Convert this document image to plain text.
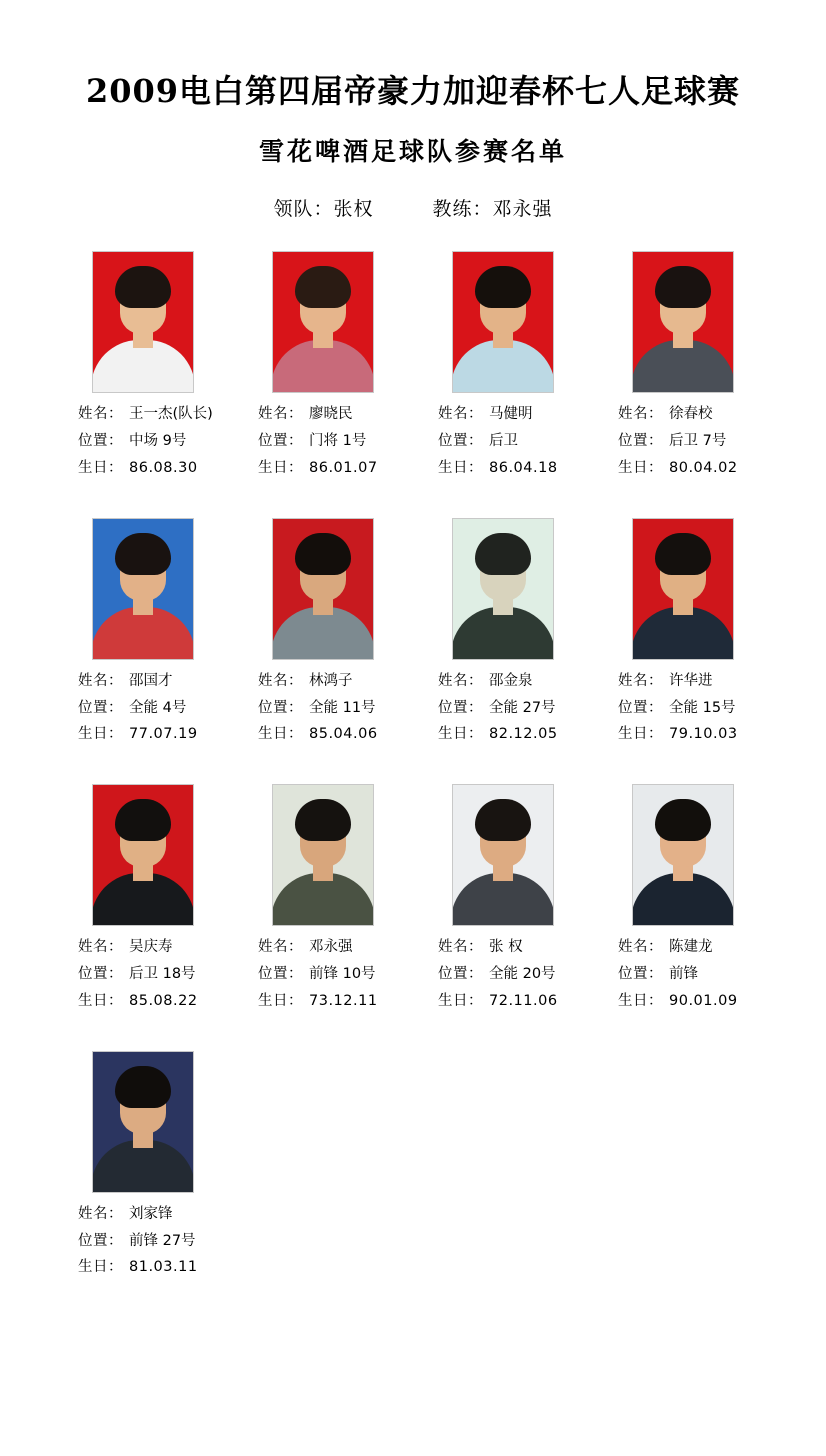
2009电白第四届帝豪力加迎春杯七人足球赛
雪花啤酒足球队参赛名单
领队：张权	教练：邓永强
姓名： 王一杰(队长)
位置： 中场 9号
生日： 86.08.30
姓名： 廖晓民
位置： 门将 1号
生日： 86.01.07
姓名： 马健明
位置： 后卫
生日： 86.04.18
姓名： 徐春校
位置： 后卫 7号
生日： 80.04.02
姓名： 邵国才
位置： 全能 4号
生日： 77.07.19
姓名： 林鸿子
位置： 全能 11号
生日： 85.04.06
姓名： 邵金泉
位置： 全能 27号
生日： 82.12.05
姓名： 许华进
位置： 全能 15号
生日： 79.10.03
姓名： 吴庆寿
位置： 后卫 18号
生日： 85.08.22
姓名： 邓永强
位置： 前锋 10号
生日： 73.12.11
姓名： 张 权
位置： 全能 20号
生日： 72.11.06
姓名： 陈建龙
位置： 前锋
生日： 90.01.09
姓名： 刘家锋
位置： 前锋 27号
生日： 81.03.11
